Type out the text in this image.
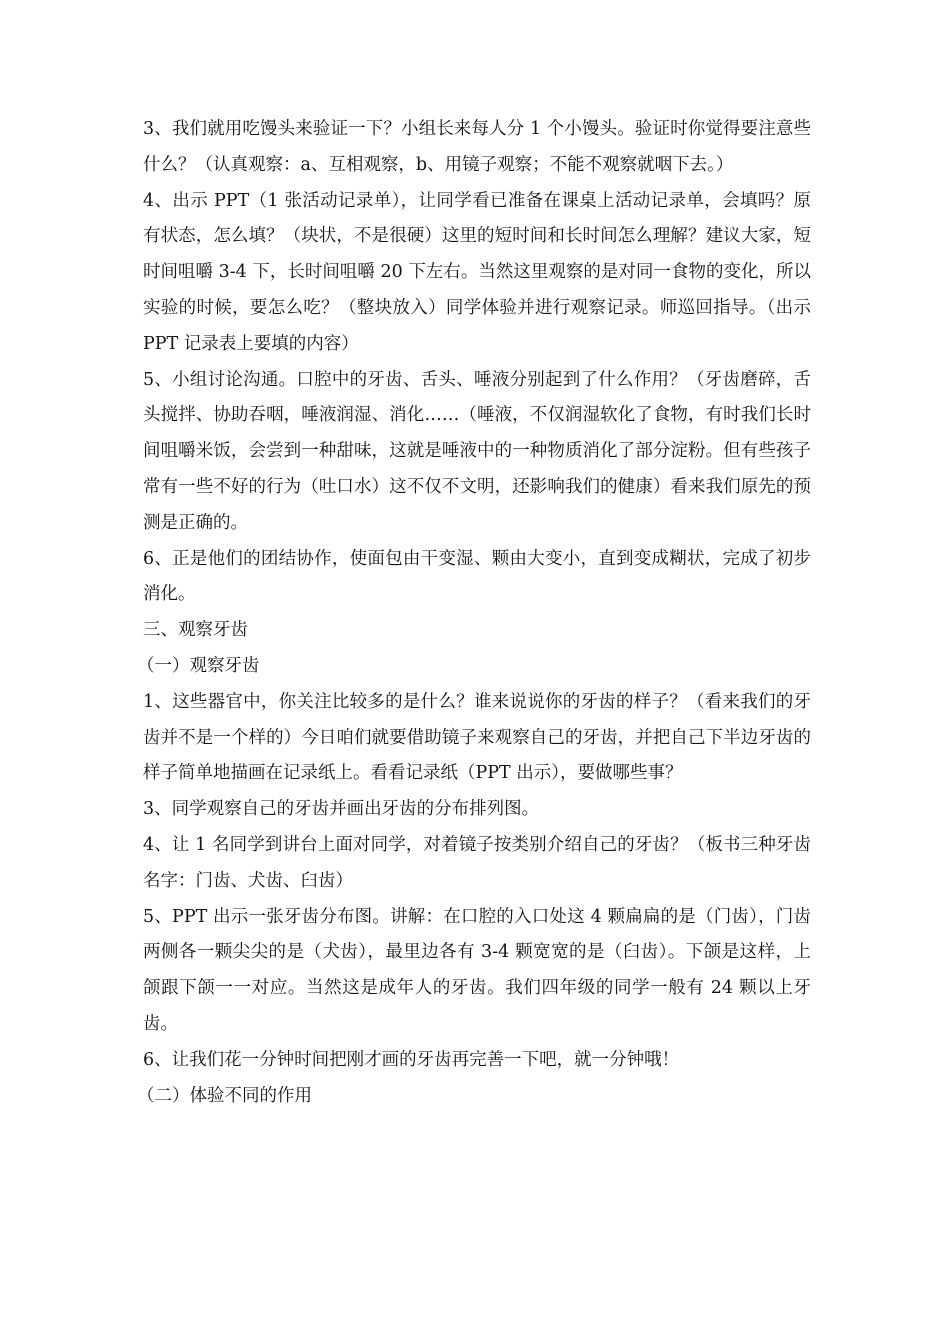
3、我们就用吃馒头来验证一下？小组长来每人分 1 个小馒头。验证时你觉得要注意些什么？（认真观察：a、互相观察，b、用镜子观察；不能不观察就咽下去。）

4、出示 PPT（1 张活动记录单），让同学看已准备在课桌上活动记录单，会填吗？原有状态，怎么填？（块状，不是很硬）这里的短时间和长时间怎么理解？建议大家，短时间咀嚼 3-4 下，长时间咀嚼 20 下左右。当然这里观察的是对同一食物的变化，所以实验的时候，要怎么吃？（整块放入）同学体验并进行观察记录。师巡回指导。（出示 PPT 记录表上要填的内容）

5、小组讨论沟通。口腔中的牙齿、舌头、唾液分别起到了什么作用？（牙齿磨碎，舌头搅拌、协助吞咽，唾液润湿、消化……（唾液，不仅润湿软化了食物，有时我们长时间咀嚼米饭，会尝到一种甜味，这就是唾液中的一种物质消化了部分淀粉。但有些孩子常有一些不好的行为（吐口水）这不仅不文明，还影响我们的健康）看来我们原先的预测是正确的。

6、正是他们的团结协作，使面包由干变湿、颗由大变小，直到变成糊状，完成了初步消化。

三、观察牙齿

（一）观察牙齿

1、这些器官中，你关注比较多的是什么？谁来说说你的牙齿的样子？（看来我们的牙齿并不是一个样的）今日咱们就要借助镜子来观察自己的牙齿，并把自己下半边牙齿的样子简单地描画在记录纸上。看看记录纸（PPT 出示），要做哪些事？

3、同学观察自己的牙齿并画出牙齿的分布排列图。

4、让 1 名同学到讲台上面对同学，对着镜子按类别介绍自己的牙齿？（板书三种牙齿名字：门齿、犬齿、臼齿）

5、PPT 出示一张牙齿分布图。讲解：在口腔的入口处这 4 颗扁扁的是（门齿），门齿两侧各一颗尖尖的是（犬齿），最里边各有 3-4 颗宽宽的是（臼齿）。下颌是这样，上颌跟下颌一一对应。当然这是成年人的牙齿。我们四年级的同学一般有 24 颗以上牙齿。

6、让我们花一分钟时间把刚才画的牙齿再完善一下吧，就一分钟哦！

（二）体验不同的作用
